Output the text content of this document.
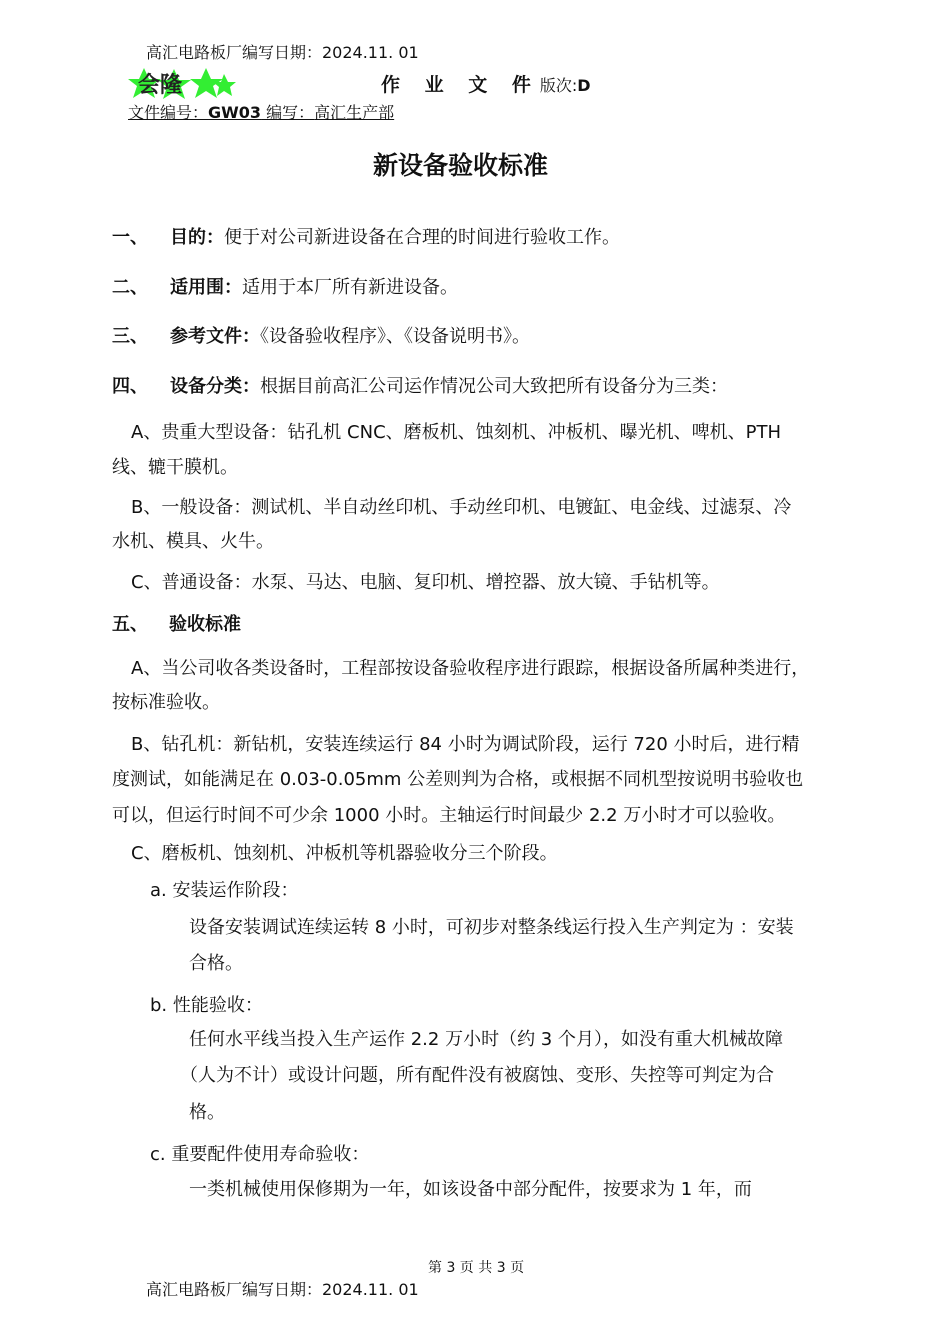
高汇电路板厂编写日期：2024.11. 01
会隆	作 业 文 件版次:D
文件编号：GW03 编写：高汇生产部
新设备验收标准
一、 目的：便于对公司新进设备在合理的时间进行验收工作。
二、 适用围：适用于本厂所有新进设备。
三、 参考文件：《设备验收程序》、《设备说明书》。
四、 设备分类：根据目前高汇公司运作情况公司大致把所有设备分为三类：
A、贵重大型设备：钻孔机 CNC、磨板机、蚀刻机、冲板机、曝光机、啤机、PTH
线、辘干膜机。
B、一般设备：测试机、半自动丝印机、手动丝印机、电镀缸、电金线、过滤泵、冷
水机、模具、火牛。
C、普通设备：水泵、马达、电脑、复印机、增控器、放大镜、手钻机等。
五、 验收标准
A、当公司收各类设备时，工程部按设备验收程序进行跟踪，根据设备所属种类进行，
按标准验收。
B、钻孔机：新钻机，安装连续运行 84 小时为调试阶段，运行 720 小时后，进行精
度测试，如能满足在 0.03-0.05mm 公差则判为合格，或根据不同机型按说明书验收也
可以，但运行时间不可少余 1000 小时。主轴运行时间最少 2.2 万小时才可以验收。
C、磨板机、蚀刻机、冲板机等机器验收分三个阶段。
a. 安装运作阶段：
设备安装调试连续运转 8 小时，可初步对整条线运行投入生产判定为 ：安装
合格。
b. 性能验收：
任何水平线当投入生产运作 2.2 万小时（约 3 个月），如没有重大机械故障
（人为不计）或设计问题，所有配件没有被腐蚀、变形、失控等可判定为合
格。
c. 重要配件使用寿命验收：
一类机械使用保修期为一年，如该设备中部分配件，按要求为 1 年，而
第 3 页 共 3 页
高汇电路板厂编写日期：2024.11. 01
